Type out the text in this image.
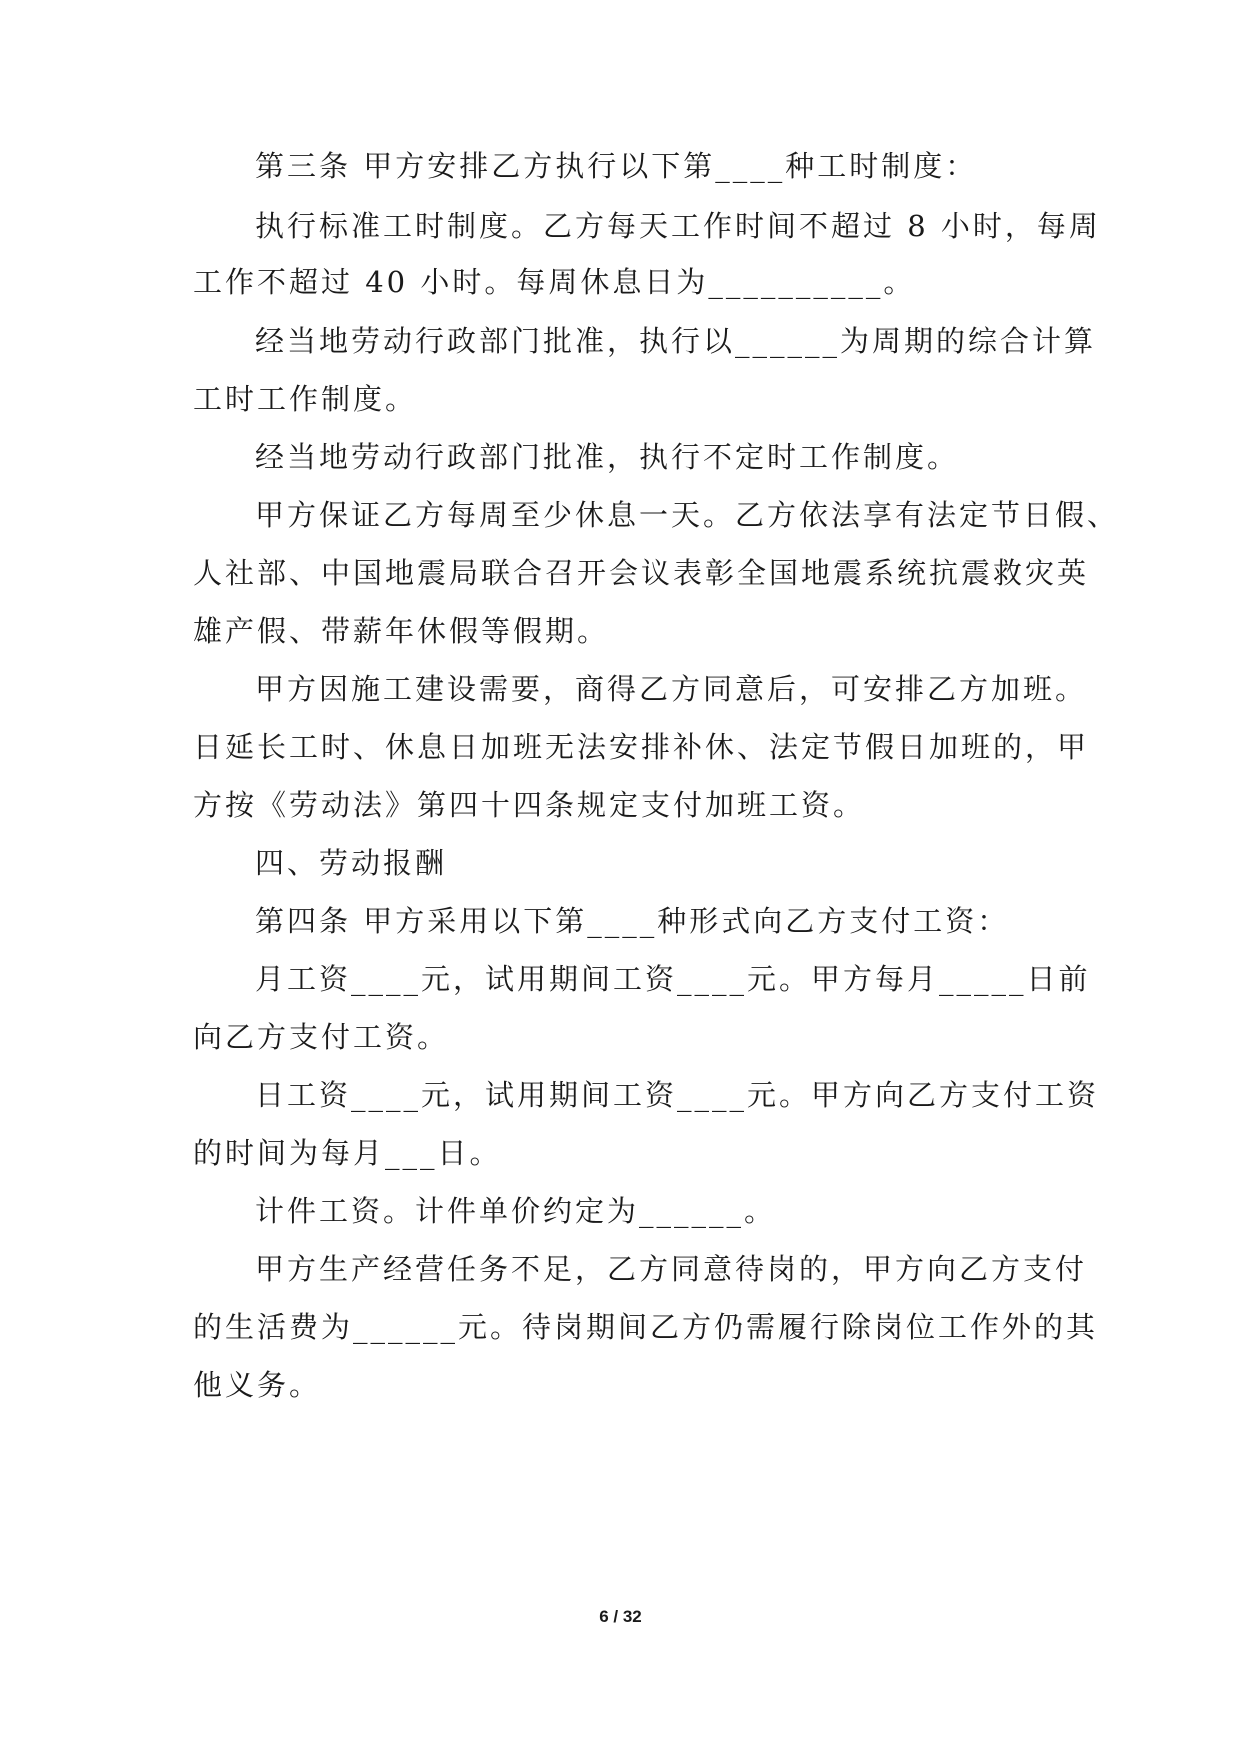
第三条 甲方安排乙方执行以下第____种工时制度：
执行标准工时制度。乙方每天工作时间不超过 8 小时，每周
工作不超过 40 小时。每周休息日为__________。
经当地劳动行政部门批准，执行以______为周期的综合计算
工时工作制度。
经当地劳动行政部门批准，执行不定时工作制度。
甲方保证乙方每周至少休息一天。乙方依法享有法定节日假、
人社部、中国地震局联合召开会议表彰全国地震系统抗震救灾英
雄产假、带薪年休假等假期。
甲方因施工建设需要，商得乙方同意后，可安排乙方加班。
日延长工时、休息日加班无法安排补休、法定节假日加班的，甲
方按《劳动法》第四十四条规定支付加班工资。
四、劳动报酬
第四条 甲方采用以下第____种形式向乙方支付工资：
月工资____元，试用期间工资____元。甲方每月_____日前
向乙方支付工资。
日工资____元，试用期间工资____元。甲方向乙方支付工资
的时间为每月___日。
计件工资。计件单价约定为______。
甲方生产经营任务不足，乙方同意待岗的，甲方向乙方支付
的生活费为______元。待岗期间乙方仍需履行除岗位工作外的其
他义务。
6 / 32
